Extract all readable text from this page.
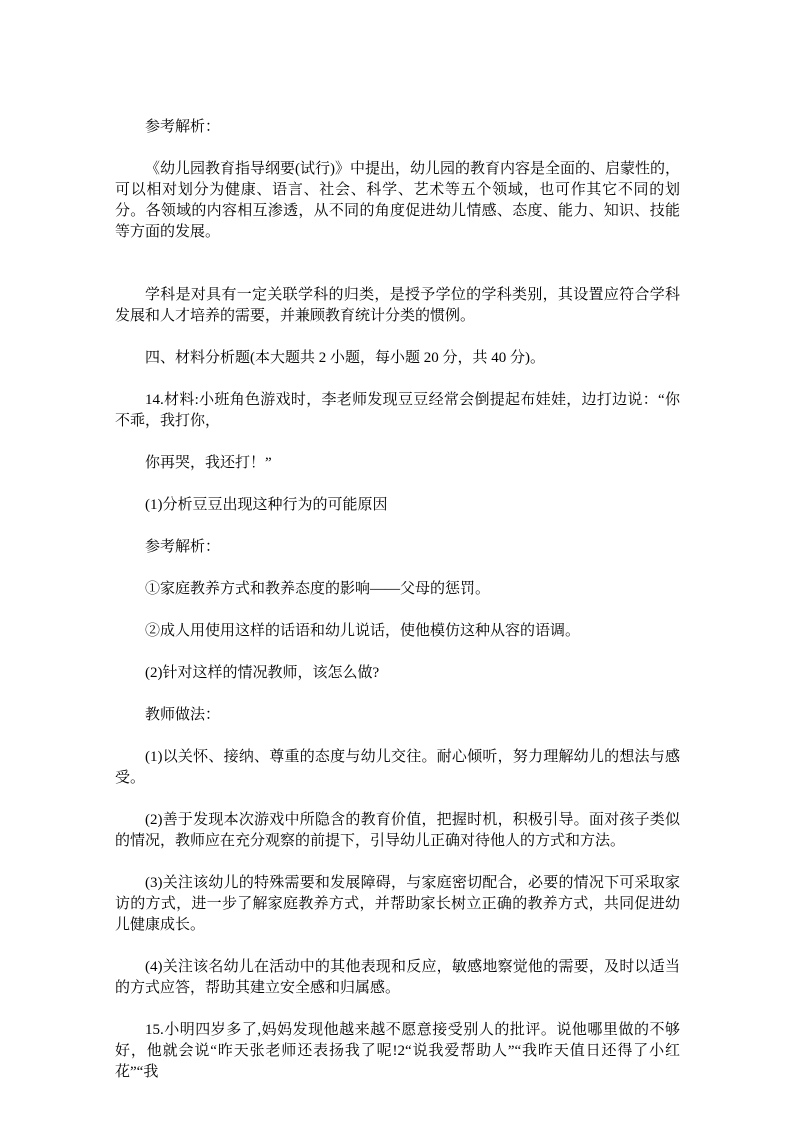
参考解析：

《幼儿园教育指导纲要(试行)》中提出，幼儿园的教育内容是全面的、启蒙性的，可以相对划分为健康、语言、社会、科学、艺术等五个领域，也可作其它不同的划分。各领域的内容相互渗透，从不同的角度促进幼儿情感、态度、能力、知识、技能等方面的发展。

学科是对具有一定关联学科的归类，是授予学位的学科类别，其设置应符合学科发展和人才培养的需要，并兼顾教育统计分类的惯例。

四、材料分析题(本大题共 2 小题，每小题 20 分，共 40 分)。

14.材料:小班角色游戏时，李老师发现豆豆经常会倒提起布娃娃，边打边说：“你不乖，我打你，

你再哭，我还打！”

(1)分析豆豆出现这种行为的可能原因

参考解析：

①家庭教养方式和教养态度的影响——父母的惩罚。

②成人用使用这样的话语和幼儿说话，使他模仿这种从容的语调。

(2)针对这样的情况教师，该怎么做?

教师做法：

(1)以关怀、接纳、尊重的态度与幼儿交往。耐心倾听，努力理解幼儿的想法与感受。

(2)善于发现本次游戏中所隐含的教育价值，把握时机，积极引导。面对孩子类似的情况，教师应在充分观察的前提下，引导幼儿正确对待他人的方式和方法。

(3)关注该幼儿的特殊需要和发展障碍，与家庭密切配合，必要的情况下可采取家访的方式，进一步了解家庭教养方式，并帮助家长树立正确的教养方式，共同促进幼儿健康成长。

(4)关注该名幼儿在活动中的其他表现和反应，敏感地察觉他的需要，及时以适当的方式应答，帮助其建立安全感和归属感。

15.小明四岁多了,妈妈发现他越来越不愿意接受别人的批评。说他哪里做的不够好，他就会说“昨天张老师还表扬我了呢!2“说我爱帮助人”“我昨天值日还得了小红花”“我
